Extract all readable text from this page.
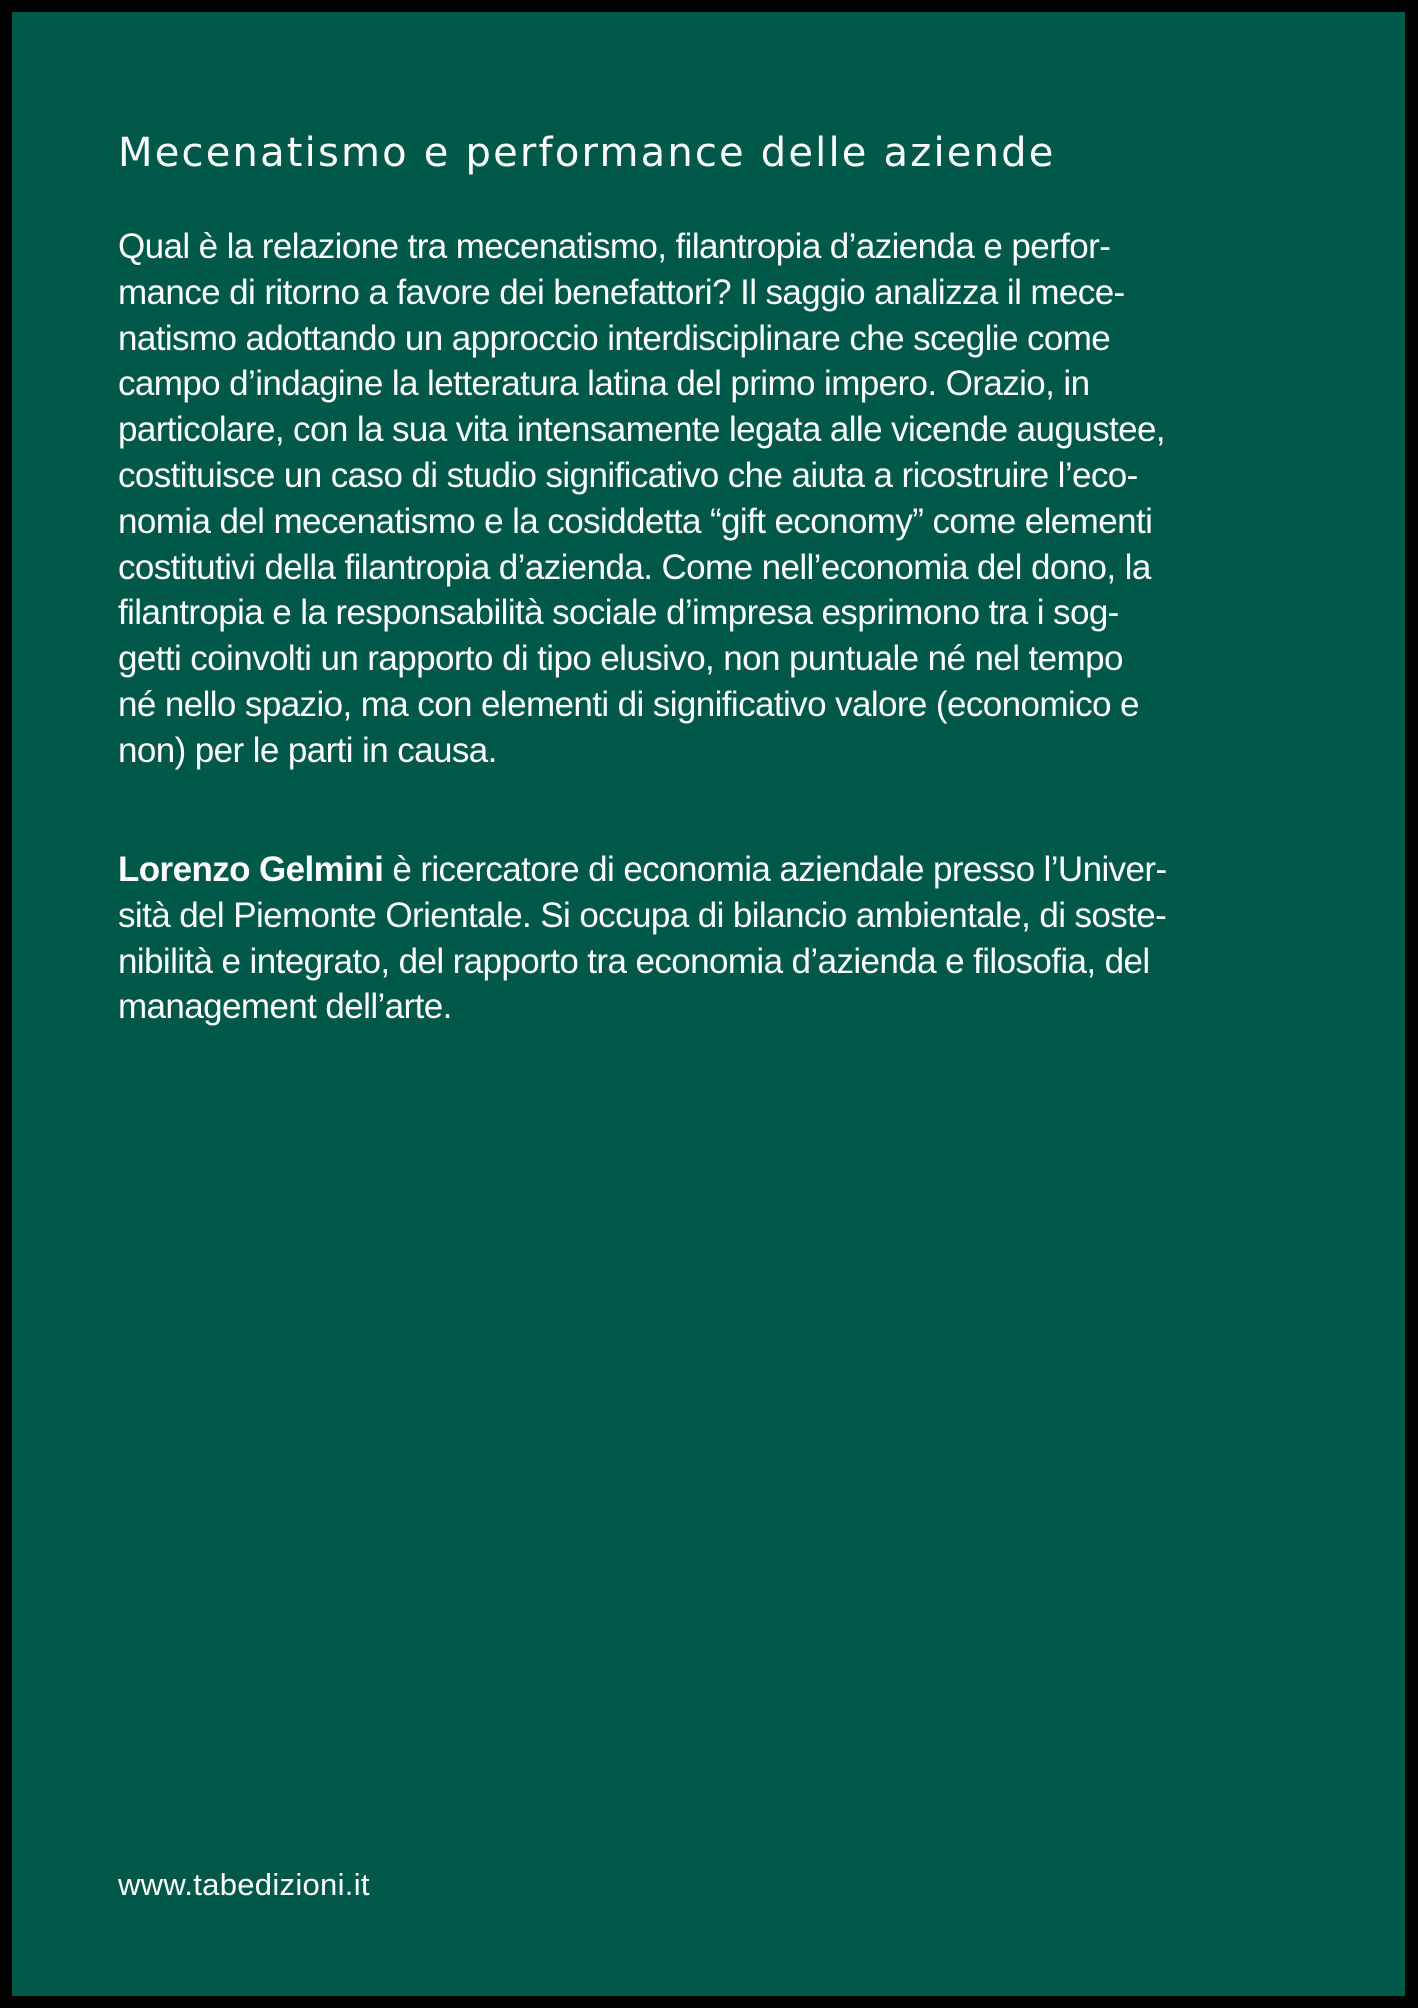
Mecenatismo e performance delle aziende
Qual è la relazione tra mecenatismo, filantropia d’azienda e perfor-
mance di ritorno a favore dei benefattori? Il saggio analizza il mece-
natismo adottando un approccio interdisciplinare che sceglie come
campo d’indagine la letteratura latina del primo impero. Orazio, in
particolare, con la sua vita intensamente legata alle vicende augustee,
costituisce un caso di studio significativo che aiuta a ricostruire l’eco-
nomia del mecenatismo e la cosiddetta “gift economy” come elementi
costitutivi della filantropia d’azienda. Come nell’economia del dono, la
filantropia e la responsabilità sociale d’impresa esprimono tra i sog-
getti coinvolti un rapporto di tipo elusivo, non puntuale né nel tempo
né nello spazio, ma con elementi di significativo valore (economico e
non) per le parti in causa.
Lorenzo Gelmini è ricercatore di economia aziendale presso l’Univer-
sità del Piemonte Orientale. Si occupa di bilancio ambientale, di soste-
nibilità e integrato, del rapporto tra economia d’azienda e filosofia, del
management dell’arte.
www.tabedizioni.it
